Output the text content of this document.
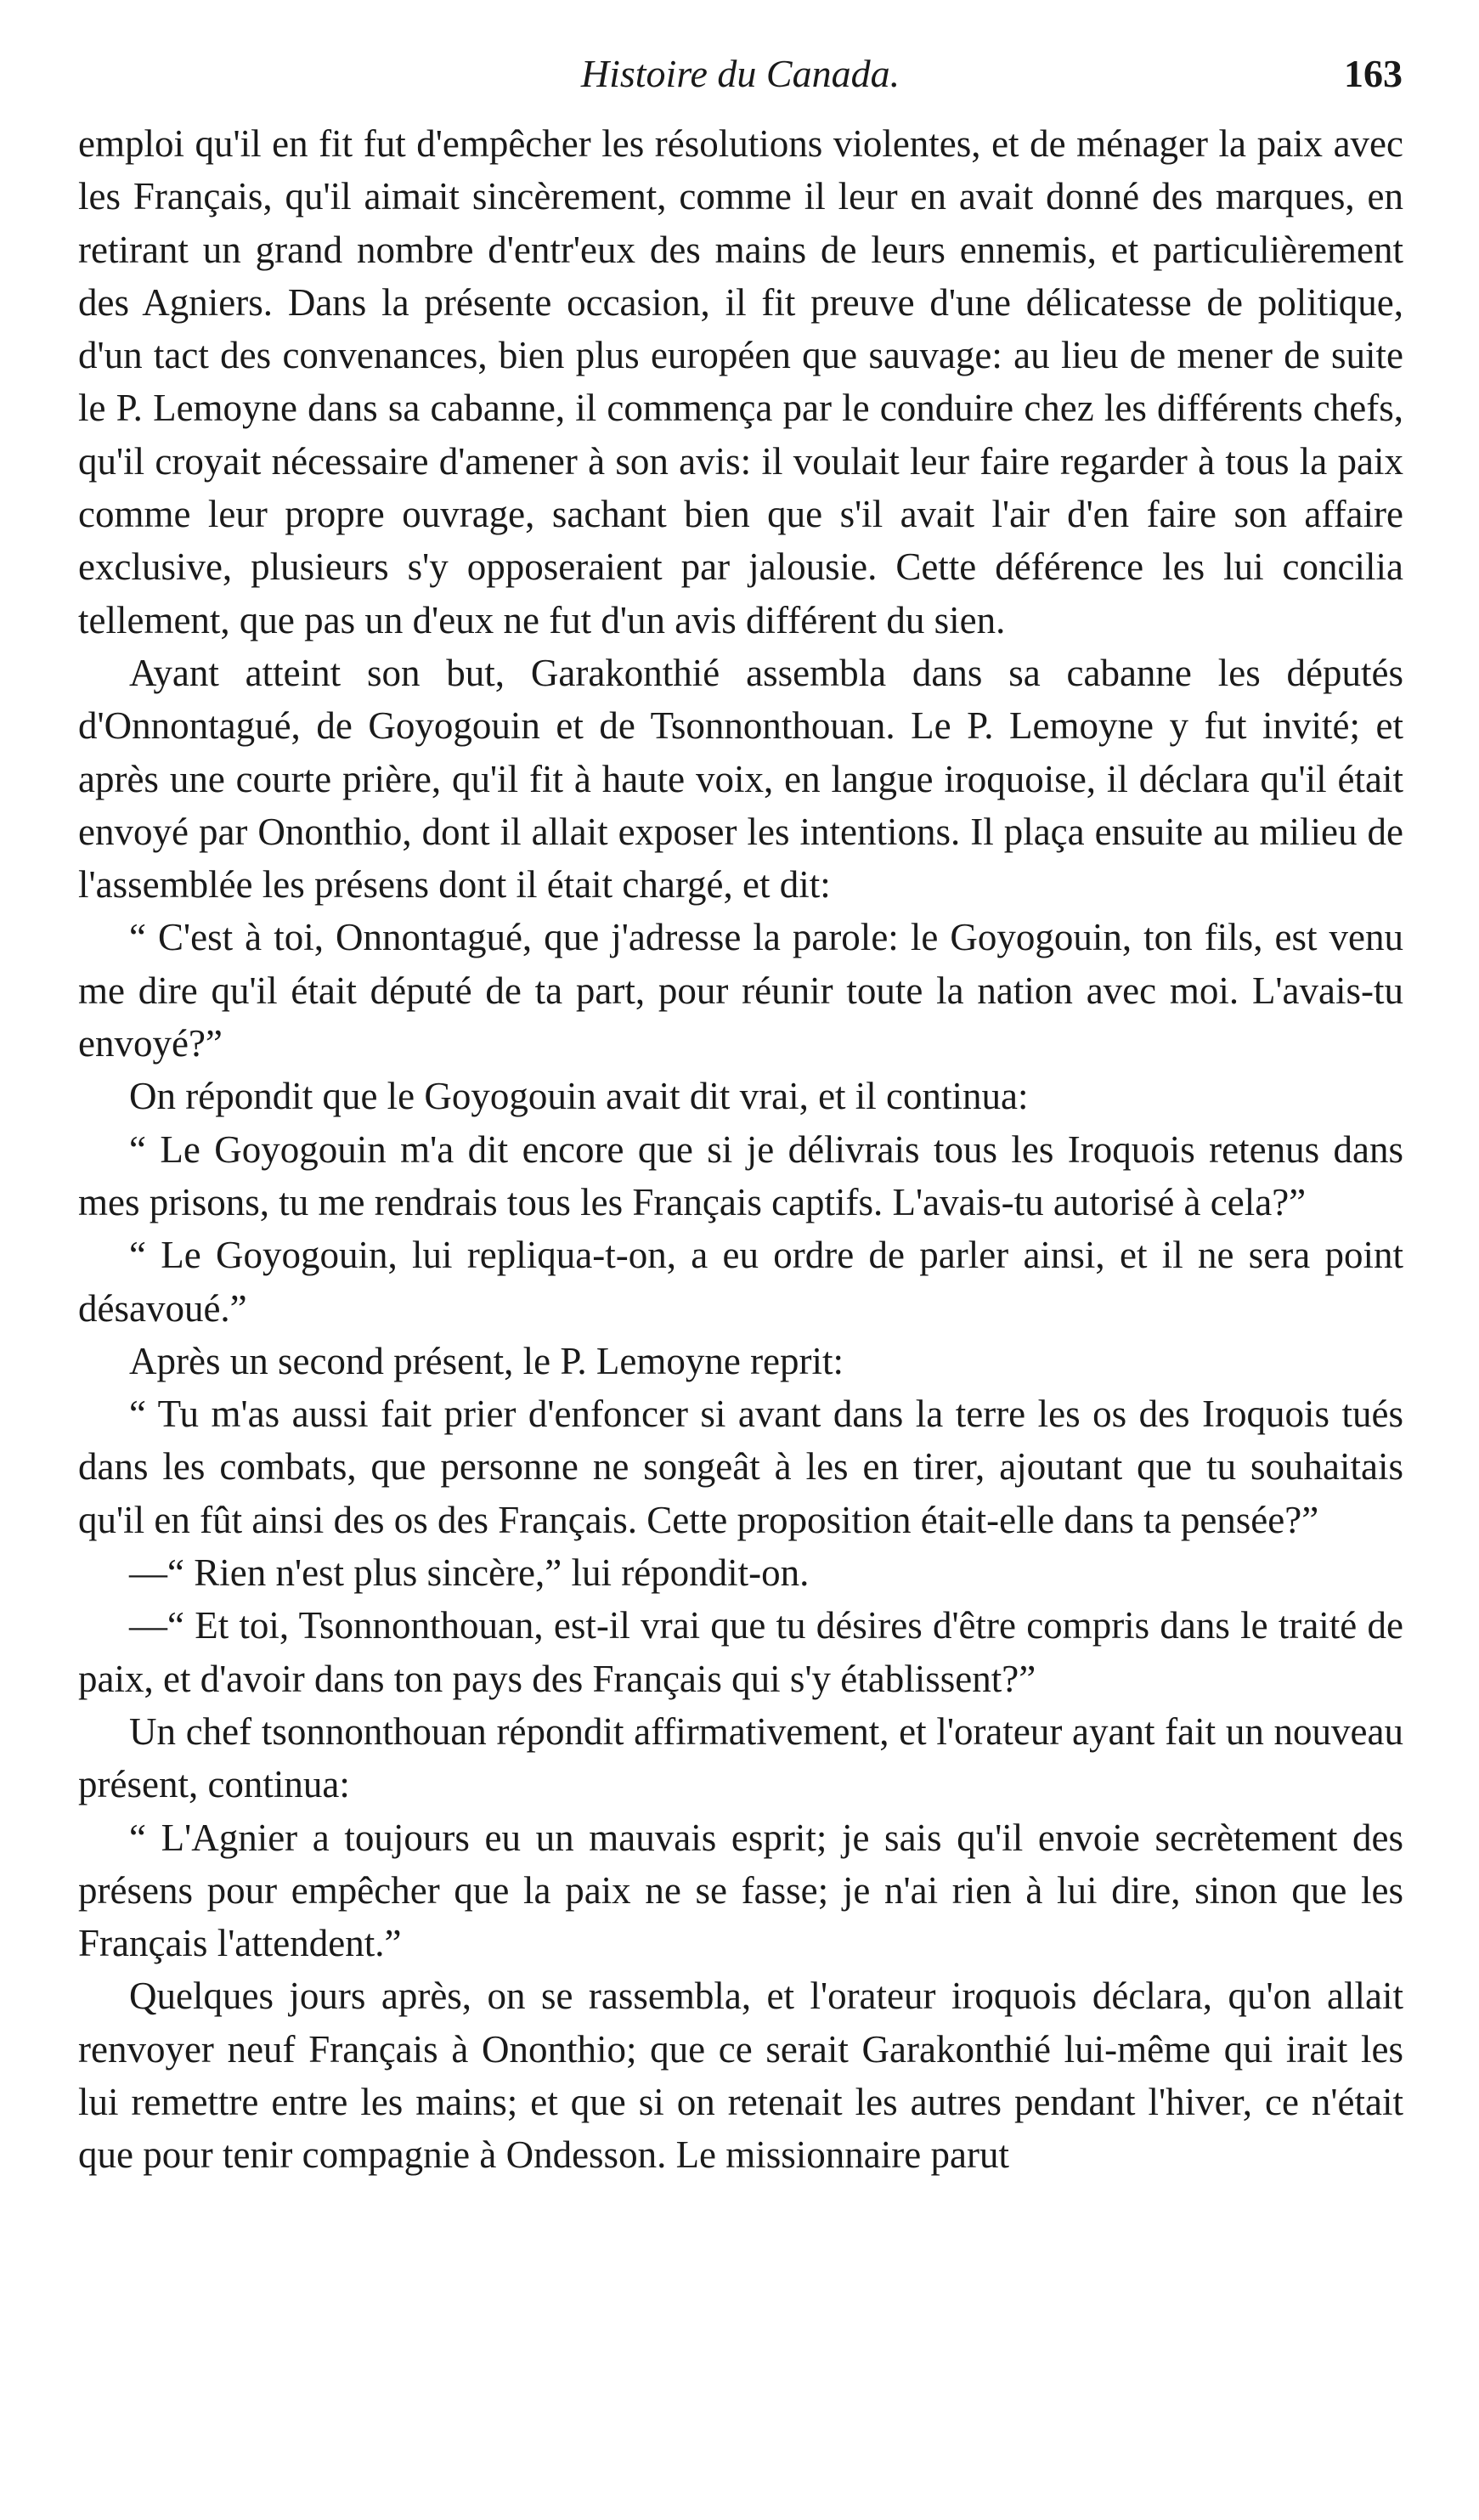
Histoire du Canada.	163

emploi qu'il en fit fut d'empêcher les résolutions violentes, et de ménager la paix avec les Français, qu'il aimait sincèrement, comme il leur en avait donné des marques, en retirant un grand nombre d'entr'eux des mains de leurs ennemis, et particulièrement des Agniers. Dans la présente occasion, il fit preuve d'une délicatesse de politique, d'un tact des convenances, bien plus européen que sauvage: au lieu de mener de suite le P. Lemoyne dans sa cabanne, il commença par le conduire chez les différents chefs, qu'il croyait nécessaire d'amener à son avis: il voulait leur faire regarder à tous la paix comme leur propre ouvrage, sachant bien que s'il avait l'air d'en faire son affaire exclusive, plusieurs s'y opposeraient par jalousie. Cette déférence les lui concilia tellement, que pas un d'eux ne fut d'un avis différent du sien.

Ayant atteint son but, Garakonthié assembla dans sa cabanne les députés d'Onnontagué, de Goyogouin et de Tsonnonthouan. Le P. Lemoyne y fut invité; et après une courte prière, qu'il fit à haute voix, en langue iroquoise, il déclara qu'il était envoyé par Ononthio, dont il allait exposer les intentions. Il plaça ensuite au milieu de l'assemblée les présens dont il était chargé, et dit:

“ C'est à toi, Onnontagué, que j'adresse la parole: le Goyogouin, ton fils, est venu me dire qu'il était député de ta part, pour réunir toute la nation avec moi. L'avais-tu envoyé?”

On répondit que le Goyogouin avait dit vrai, et il continua:

“ Le Goyogouin m'a dit encore que si je délivrais tous les Iroquois retenus dans mes prisons, tu me rendrais tous les Français captifs. L'avais-tu autorisé à cela?”

“ Le Goyogouin, lui repliqua-t-on, a eu ordre de parler ainsi, et il ne sera point désavoué.”

Après un second présent, le P. Lemoyne reprit:

“ Tu m'as aussi fait prier d'enfoncer si avant dans la terre les os des Iroquois tués dans les combats, que personne ne songeât à les en tirer, ajoutant que tu souhaitais qu'il en fût ainsi des os des Français. Cette proposition était-elle dans ta pensée?”

—“ Rien n'est plus sincère,” lui répondit-on.

—“ Et toi, Tsonnonthouan, est-il vrai que tu désires d'être compris dans le traité de paix, et d'avoir dans ton pays des Français qui s'y établissent?”

Un chef tsonnonthouan répondit affirmativement, et l'orateur ayant fait un nouveau présent, continua:

“ L'Agnier a toujours eu un mauvais esprit; je sais qu'il envoie secrètement des présens pour empêcher que la paix ne se fasse; je n'ai rien à lui dire, sinon que les Français l'attendent.”

Quelques jours après, on se rassembla, et l'orateur iroquois déclara, qu'on allait renvoyer neuf Français à Ononthio; que ce serait Garakonthié lui-même qui irait les lui remettre entre les mains; et que si on retenait les autres pendant l'hiver, ce n'était que pour tenir compagnie à Ondesson. Le missionnaire parut
